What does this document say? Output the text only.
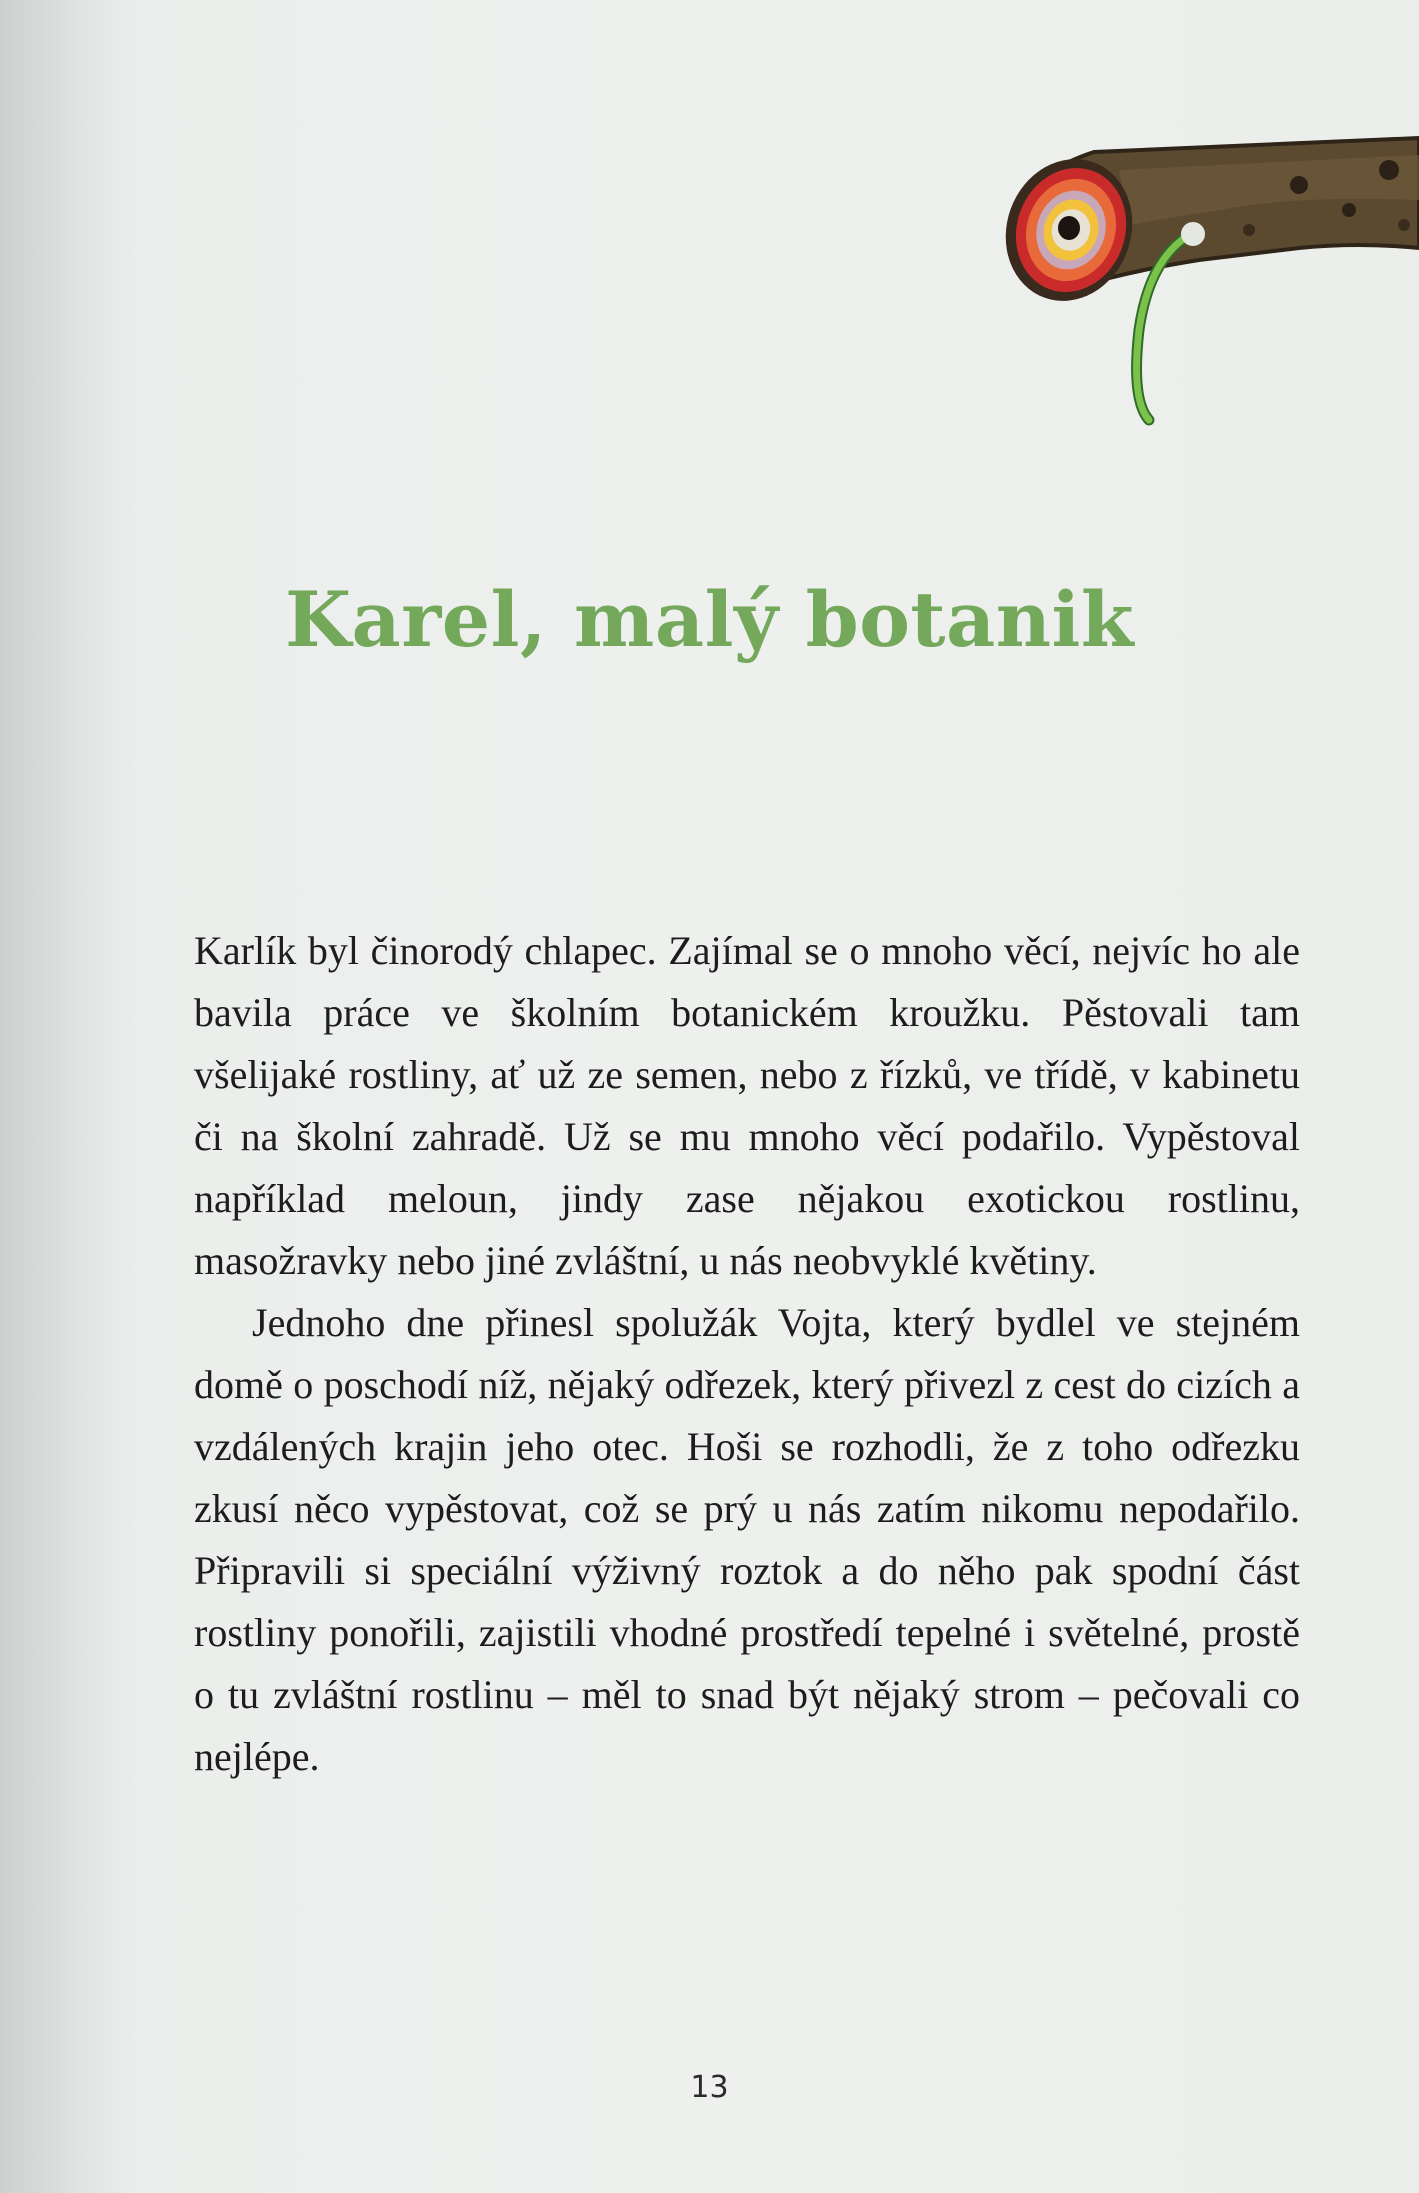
Karel, malý botanik

Karlík byl činorodý chlapec. Zajímal se o mnoho věcí, nejvíc ho ale bavila práce ve školním botanickém kroužku. Pěstovali tam všelijaké rostliny, ať už ze semen, nebo z řízků, ve třídě, v kabinetu či na školní zahradě. Už se mu mnoho věcí podařilo. Vypěstoval například meloun, jindy zase nějakou exotickou rostlinu, masožravky nebo jiné zvláštní, u nás neobvyklé květiny.

Jednoho dne přinesl spolužák Vojta, který bydlel ve stejném domě o poschodí níž, nějaký odřezek, který přivezl z cest do cizích a vzdálených krajin jeho otec. Hoši se rozhodli, že z toho odřezku zkusí něco vypěstovat, což se prý u nás zatím nikomu nepodařilo. Připravili si speciální výživný roztok a do něho pak spodní část rostliny ponořili, zajistili vhodné prostředí tepelné i světelné, prostě o tu zvláštní rostlinu – měl to snad být nějaký strom – pečovali co nejlépe.

13
